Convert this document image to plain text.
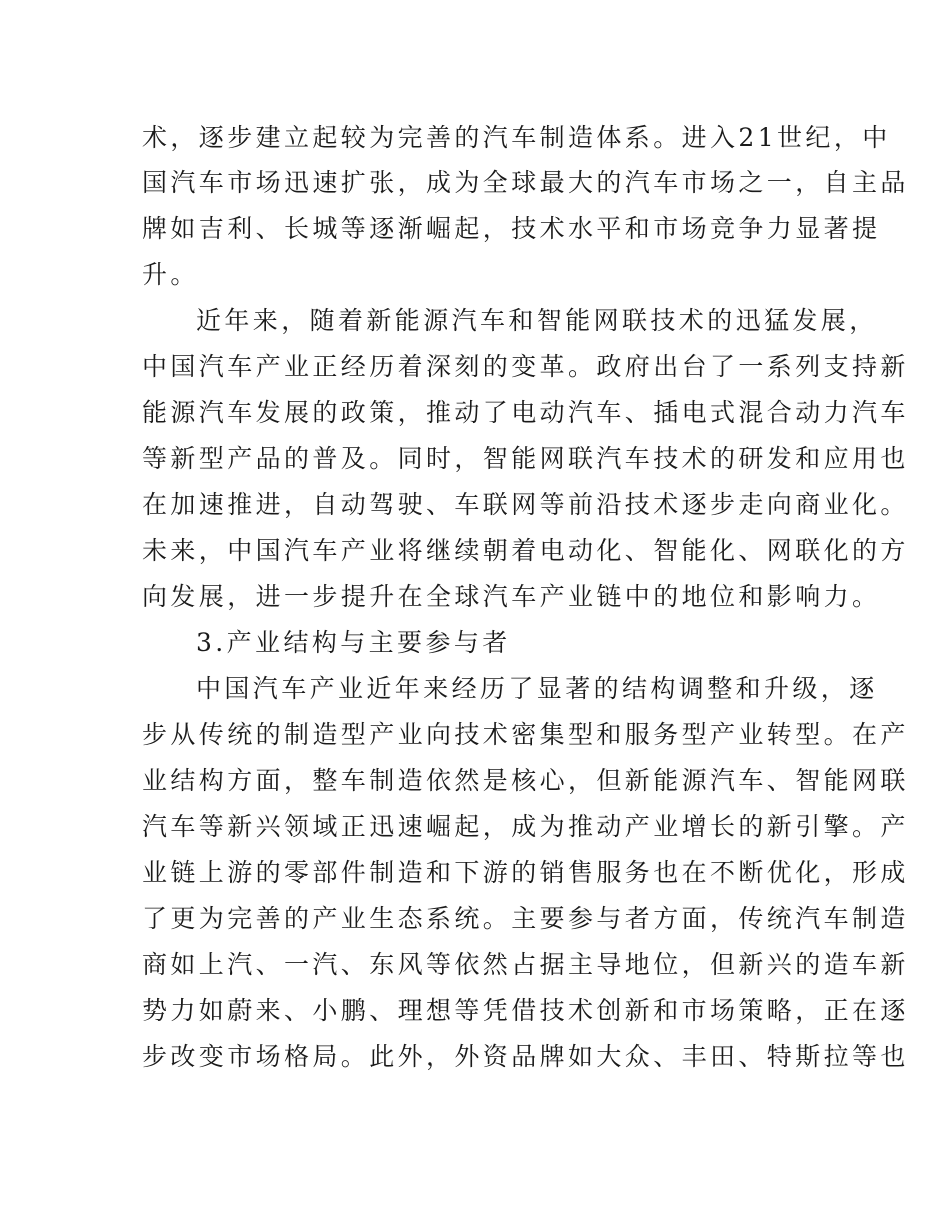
术，逐步建立起较为完善的汽车制造体系。进入21世纪，中
国汽车市场迅速扩张，成为全球最大的汽车市场之一，自主品
牌如吉利、长城等逐渐崛起，技术水平和市场竞争力显著提
升。
近年来，随着新能源汽车和智能网联技术的迅猛发展，
中国汽车产业正经历着深刻的变革。政府出台了一系列支持新
能源汽车发展的政策，推动了电动汽车、插电式混合动力汽车
等新型产品的普及。同时，智能网联汽车技术的研发和应用也
在加速推进，自动驾驶、车联网等前沿技术逐步走向商业化。
未来，中国汽车产业将继续朝着电动化、智能化、网联化的方
向发展，进一步提升在全球汽车产业链中的地位和影响力。
3.产业结构与主要参与者
中国汽车产业近年来经历了显著的结构调整和升级，逐
步从传统的制造型产业向技术密集型和服务型产业转型。在产
业结构方面，整车制造依然是核心，但新能源汽车、智能网联
汽车等新兴领域正迅速崛起，成为推动产业增长的新引擎。产
业链上游的零部件制造和下游的销售服务也在不断优化，形成
了更为完善的产业生态系统。主要参与者方面，传统汽车制造
商如上汽、一汽、东风等依然占据主导地位，但新兴的造车新
势力如蔚来、小鹏、理想等凭借技术创新和市场策略，正在逐
步改变市场格局。此外，外资品牌如大众、丰田、特斯拉等也
